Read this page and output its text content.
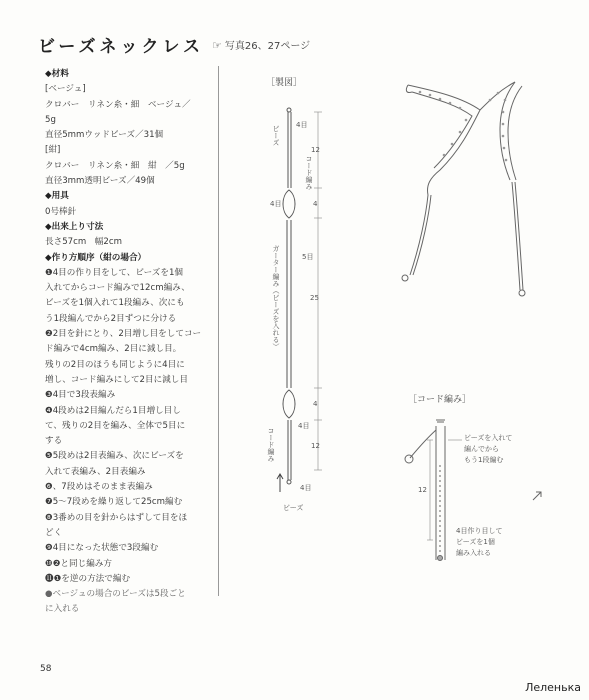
ビーズネックレス ☞ 写真26、27ページ
◆材料
[ベージュ]
クロバー　リネン糸・細　ベージュ／
5g
直径5mmウッドビーズ／31個
[紺]
クロバー　リネン糸・細　紺　／5g
直径3mm透明ビーズ／49個
◆用具
0号棒針
◆出来上り寸法
長さ57cm　幅2cm
◆作り方順序（紺の場合）
❶4目の作り目をして、ビーズを1個
入れてからコード編みで12cm編み、
ビーズを1個入れて1段編み、次にも
う1段編んでから2目ずつに分ける
❷2目を針にとり、2目増し目をしてコー
ド編みで4cm編み、2目に減し目。
残りの2目のほうも同じように4目に
増し、コード編みにして2目に減し目
❸4目で3段表編み
❹4段めは2目編んだら1目増し目し
て、残りの2目を編み、全体で5目に
する
❺5段めは2目表編み、次にビーズを
入れて表編み、2目表編み
❻、7段めはそのまま表編み
❼5〜7段めを繰り返して25cm編む
❽3番めの目を針からはずして目をほ
どく
❾4目になった状態で3段編む
❿❷と同じ編み方
⓫❶を逆の方法で編む
●ベージュの場合のビーズは5段ごと
に入れる
［製図］
4目
ビーズ
コード編み
4目
5目
ガーター編み（ビーズを入れる）
4目
コード編み
4目
ビーズ
12
4
25
4
12
12
ビーズを入れて
編んでから
もう1段編む
4目作り目して
ビーズを1個
編み入れる
［コード編み］
58
Леленька
